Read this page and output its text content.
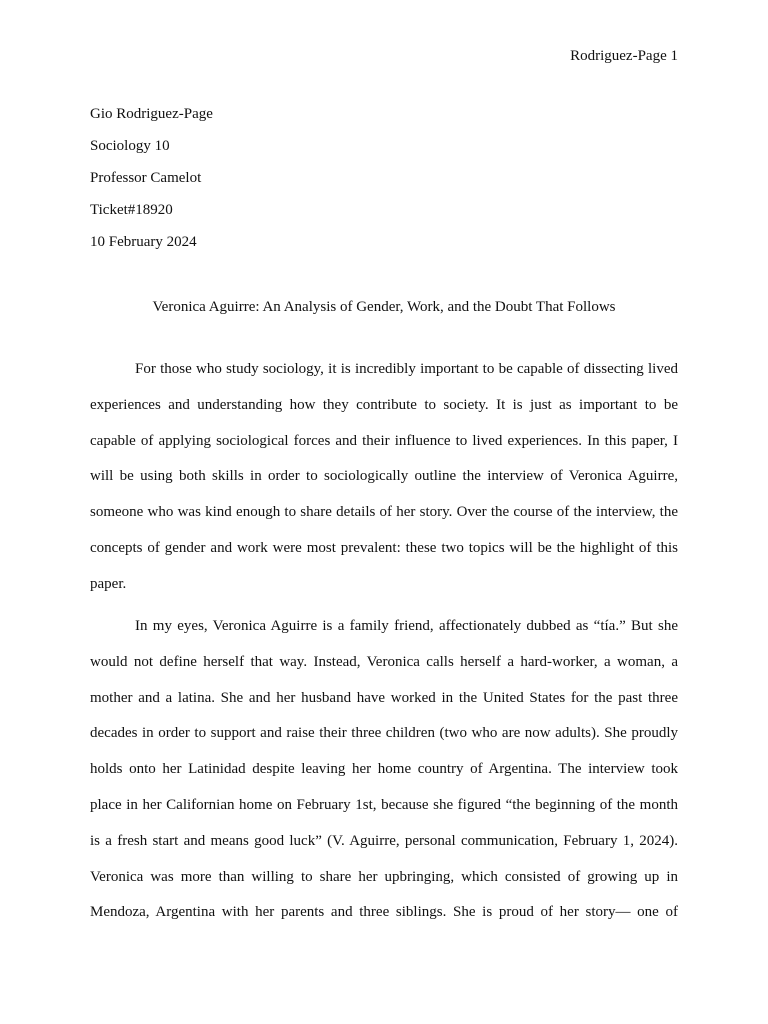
Rodriguez-Page 1
Gio Rodriguez-Page
Sociology 10
Professor Camelot
Ticket#18920
10 February 2024
Veronica Aguirre: An Analysis of Gender, Work, and the Doubt That Follows
For those who study sociology, it is incredibly important to be capable of dissecting lived
experiences and understanding how they contribute to society. It is just as important to be
capable of applying sociological forces and their influence to lived experiences. In this paper, I
will be using both skills in order to sociologically outline the interview of Veronica Aguirre,
someone who was kind enough to share details of her story. Over the course of the interview, the
concepts of gender and work were most prevalent: these two topics will be the highlight of this
paper.
In my eyes, Veronica Aguirre is a family friend, affectionately dubbed as “tía.” But she
would not define herself that way. Instead, Veronica calls herself a hard-worker, a woman, a
mother and a latina. She and her husband have worked in the United States for the past three
decades in order to support and raise their three children (two who are now adults). She proudly
holds onto her Latinidad despite leaving her home country of Argentina. The interview took
place in her Californian home on February 1st, because she figured “the beginning of the month
is a fresh start and means good luck” (V. Aguirre, personal communication, February 1, 2024).
Veronica was more than willing to share her upbringing, which consisted of growing up in
Mendoza, Argentina with her parents and three siblings. She is proud of her story— one of
